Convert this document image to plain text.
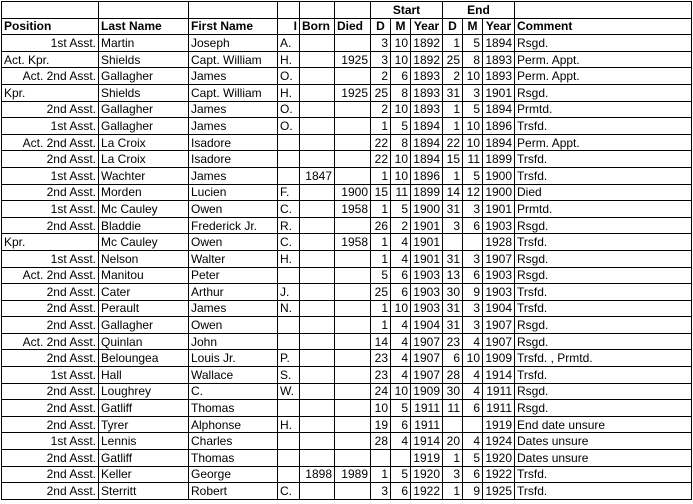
						Start			End			
Position	Last Name	First Name	I	Born	Died	D	M	Year	D	M	Year	Comment
1st Asst.	Martin	Joseph	A.			3	10	1892	1	5	1894	Rsgd.
Act. Kpr.	Shields	Capt. William	H.		1925	3	10	1892	25	8	1893	Perm. Appt.
Act. 2nd Asst.	Gallagher	James	O.			2	6	1893	2	10	1893	Perm. Appt.
Kpr.	Shields	Capt. William	H.		1925	25	8	1893	31	3	1901	Rsgd.
2nd Asst.	Gallagher	James	O.			2	10	1893	1	5	1894	Prmtd.
1st Asst.	Gallagher	James	O.			1	5	1894	1	10	1896	Trsfd.
Act. 2nd Asst.	La Croix	Isadore				22	8	1894	22	10	1894	Perm. Appt.
2nd Asst.	La Croix	Isadore				22	10	1894	15	11	1899	Trsfd.
1st Asst.	Wachter	James		1847		1	10	1896	1	5	1900	Trsfd.
2nd Asst.	Morden	Lucien	F.		1900	15	11	1899	14	12	1900	Died
1st Asst.	Mc Cauley	Owen	C.		1958	1	5	1900	31	3	1901	Prmtd.
2nd Asst.	Bladdie	Frederick Jr.	R.			26	2	1901	3	6	1903	Rsgd.
Kpr.	Mc Cauley	Owen	C.		1958	1	4	1901			1928	Trsfd.
1st Asst.	Nelson	Walter	H.			1	4	1901	31	3	1907	Rsgd.
Act. 2nd Asst.	Manitou	Peter				5	6	1903	13	6	1903	Rsgd.
2nd Asst.	Cater	Arthur	J.			25	6	1903	30	9	1903	Trsfd.
2nd Asst.	Perault	James	N.			1	10	1903	31	3	1904	Trsfd.
2nd Asst.	Gallagher	Owen				1	4	1904	31	3	1907	Rsgd.
Act. 2nd Asst.	Quinlan	John				14	4	1907	23	4	1907	Rsgd.
2nd Asst.	Beloungea	Louis Jr.	P.			23	4	1907	6	10	1909	Trsfd. , Prmtd.
1st Asst.	Hall	Wallace	S.			23	4	1907	28	4	1914	Trsfd.
2nd Asst.	Loughrey	C.	W.			24	10	1909	30	4	1911	Rsgd.
2nd Asst.	Gatliff	Thomas				10	5	1911	11	6	1911	Rsgd.
2nd Asst.	Tyrer	Alphonse	H.			19	6	1911			1919	End date unsure
1st Asst.	Lennis	Charles				28	4	1914	20	4	1924	Dates unsure
2nd Asst.	Gatliff	Thomas						1919	1	5	1920	Dates unsure
2nd Asst.	Keller	George		1898	1989	1	5	1920	3	6	1922	Trsfd.
2nd Asst.	Sterritt	Robert	C.			3	6	1922	1	9	1925	Trsfd.
